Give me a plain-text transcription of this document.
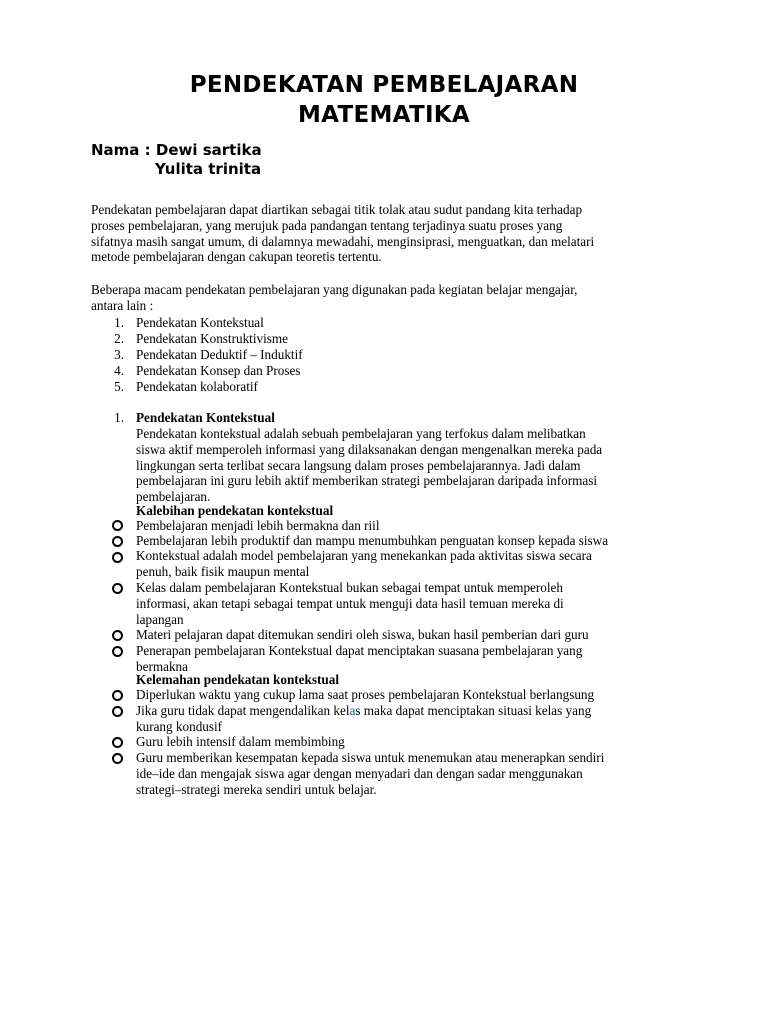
PENDEKATAN PEMBELAJARAN
MATEMATIKA
Nama : Dewi sartika
Yulita trinita
Pendekatan pembelajaran dapat diartikan sebagai titik tolak atau sudut pandang kita terhadap
proses pembelajaran, yang merujuk pada pandangan tentang terjadinya suatu proses yang
sifatnya masih sangat umum, di dalamnya mewadahi, menginsiprasi, menguatkan, dan melatari
metode pembelajaran dengan cakupan teoretis tertentu.
Beberapa macam pendekatan pembelajaran yang digunakan pada kegiatan belajar mengajar,
antara lain :
1. Pendekatan Kontekstual
2. Pendekatan Konstruktivisme
3. Pendekatan Deduktif – Induktif
4. Pendekatan Konsep dan Proses
5. Pendekatan kolaboratif
1. Pendekatan Kontekstual
Pendekatan kontekstual adalah sebuah pembelajaran yang terfokus dalam melibatkan
siswa aktif memperoleh informasi yang dilaksanakan dengan mengenalkan mereka pada
lingkungan serta terlibat secara langsung dalam proses pembelajarannya. Jadi dalam
pembelajaran ini guru lebih aktif memberikan strategi pembelajaran daripada informasi
pembelajaran.
Kalebihan pendekatan kontekstual
Pembelajaran menjadi lebih bermakna dan riil
Pembelajaran lebih produktif dan mampu menumbuhkan penguatan konsep kepada siswa
Kontekstual adalah model pembelajaran yang menekankan pada aktivitas siswa secara
penuh, baik fisik maupun mental
Kelas dalam pembelajaran Kontekstual bukan sebagai tempat untuk memperoleh
informasi, akan tetapi sebagai tempat untuk menguji data hasil temuan mereka di
lapangan
Materi pelajaran dapat ditemukan sendiri oleh siswa, bukan hasil pemberian dari guru
Penerapan pembelajaran Kontekstual dapat menciptakan suasana pembelajaran yang
bermakna
Kelemahan pendekatan kontekstual
Diperlukan waktu yang cukup lama saat proses pembelajaran Kontekstual berlangsung
Jika guru tidak dapat mengendalikan kelas maka dapat menciptakan situasi kelas yang
kurang kondusif
Guru lebih intensif dalam membimbing
Guru memberikan kesempatan kepada siswa untuk menemukan atau menerapkan sendiri
ide–ide dan mengajak siswa agar dengan menyadari dan dengan sadar menggunakan
strategi–strategi mereka sendiri untuk belajar.
